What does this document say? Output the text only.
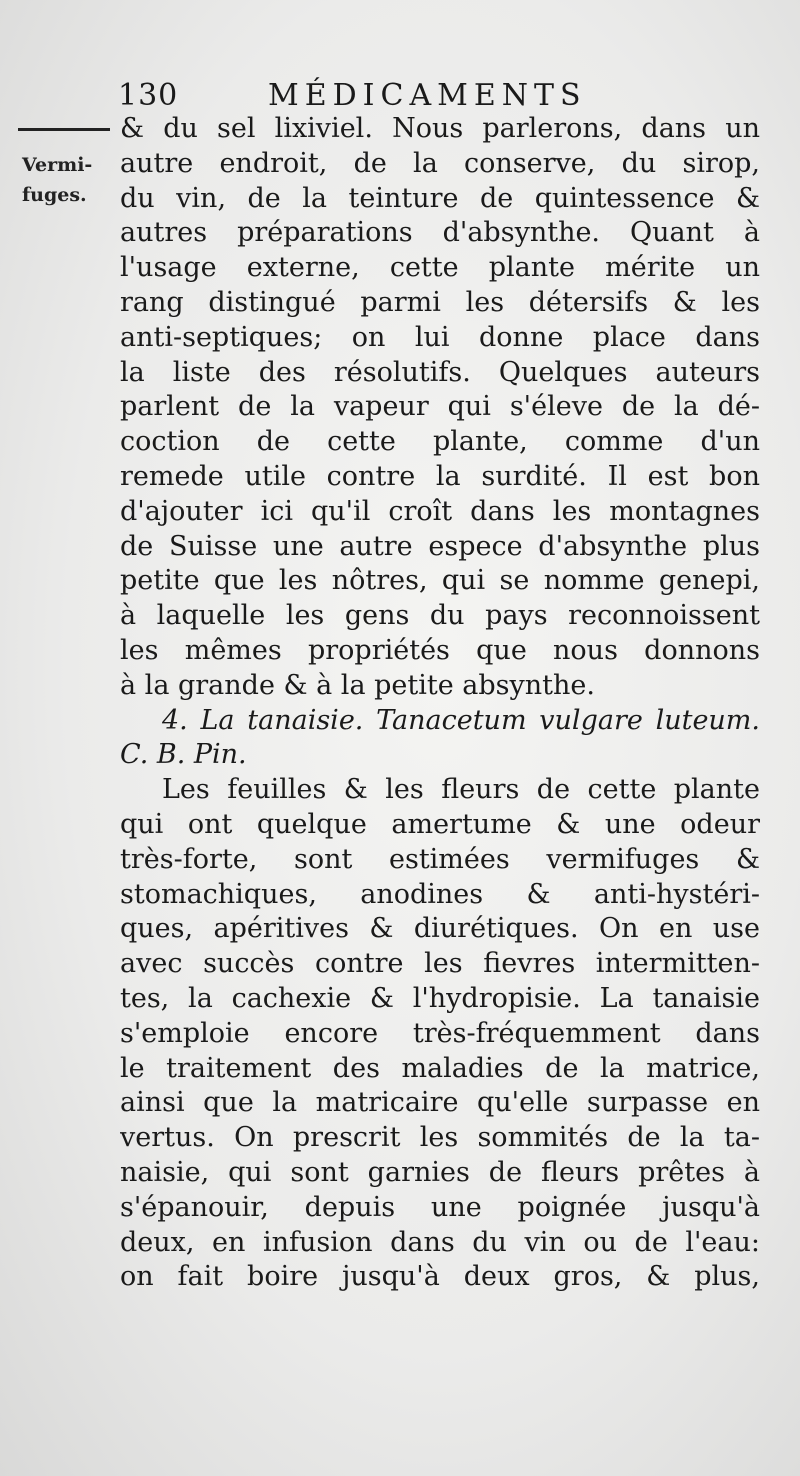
130	MÉDICAMENTS
Vermi-
fuges.
& du sel lixiviel. Nous parlerons, dans un
autre endroit, de la conserve, du sirop,
du vin, de la teinture de quintessence &
autres préparations d'absynthe. Quant à
l'usage externe, cette plante mérite un
rang distingué parmi les détersifs & les
anti-septiques; on lui donne place dans
la liste des résolutifs. Quelques auteurs
parlent de la vapeur qui s'éleve de la dé-
coction de cette plante, comme d'un
remede utile contre la surdité. Il est bon
d'ajouter ici qu'il croît dans les montagnes
de Suisse une autre espece d'absynthe plus
petite que les nôtres, qui se nomme genepi,
à laquelle les gens du pays reconnoissent
les mêmes propriétés que nous donnons
à la grande & à la petite absynthe.
4. La tanaisie. Tanacetum vulgare luteum.
C. B. Pin.
Les feuilles & les fleurs de cette plante
qui ont quelque amertume & une odeur
très-forte, sont estimées vermifuges &
stomachiques, anodines & anti-hystéri-
ques, apéritives & diurétiques. On en use
avec succès contre les fievres intermitten-
tes, la cachexie & l'hydropisie. La tanaisie
s'emploie encore très-fréquemment dans
le traitement des maladies de la matrice,
ainsi que la matricaire qu'elle surpasse en
vertus. On prescrit les sommités de la ta-
naisie, qui sont garnies de fleurs prêtes à
s'épanouir, depuis une poignée jusqu'à
deux, en infusion dans du vin ou de l'eau:
on fait boire jusqu'à deux gros, & plus,
